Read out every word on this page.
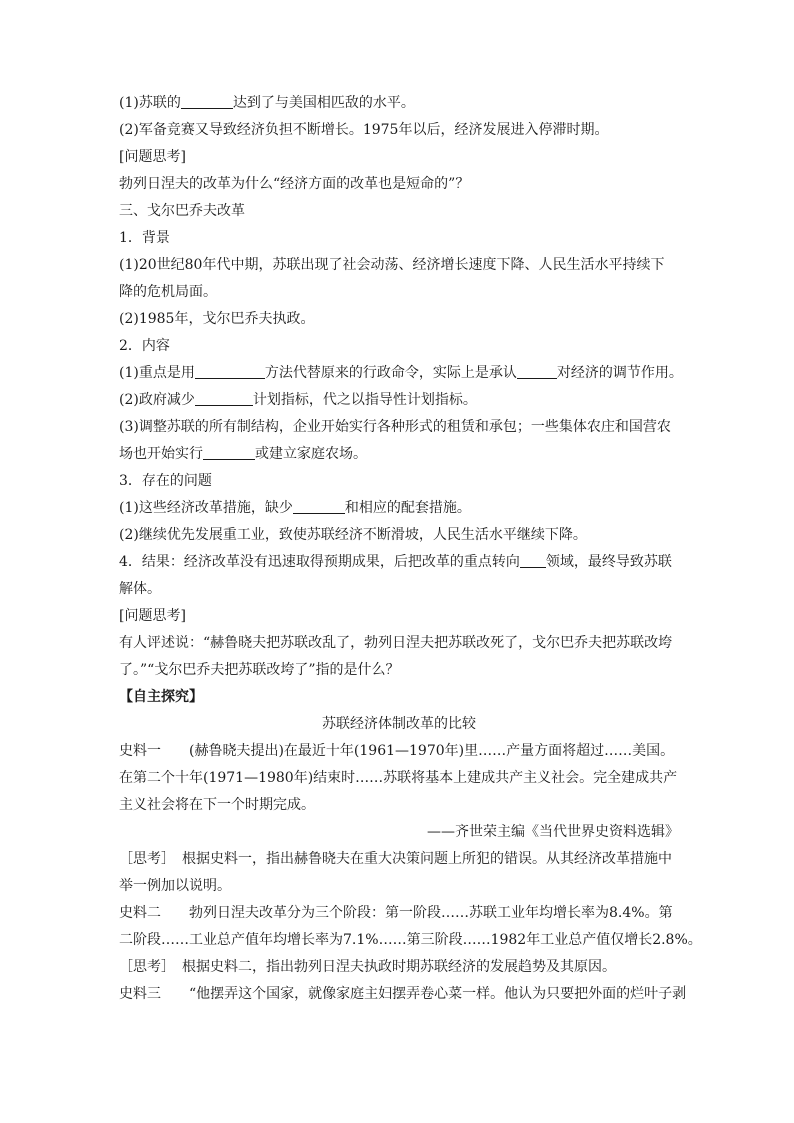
(1)苏联的	达到了与美国相匹敌的水平。
(2)军备竞赛又导致经济负担不断增长。1975年以后，经济发展进入停滞时期。
[问题思考]
勃列日涅夫的改革为什么“经济方面的改革也是短命的”？
三、戈尔巴乔夫改革
1．背景
(1)20世纪80年代中期，苏联出现了社会动荡、经济增长速度下降、人民生活水平持续下
降的危机局面。
(2)1985年，戈尔巴乔夫执政。
2．内容
(1)重点是用	方法代替原来的行政命令，实际上是承认	对经济的调节作用。
(2)政府减少	计划指标，代之以指导性计划指标。
(3)调整苏联的所有制结构，企业开始实行各种形式的租赁和承包；一些集体农庄和国营农
场也开始实行	或建立家庭农场。
3．存在的问题
(1)这些经济改革措施，缺少	和相应的配套措施。
(2)继续优先发展重工业，致使苏联经济不断滑坡，人民生活水平继续下降。
4．结果：经济改革没有迅速取得预期成果，后把改革的重点转向 领域，最终导致苏联
解体。
[问题思考]
有人评述说：“赫鲁晓夫把苏联改乱了，勃列日涅夫把苏联改死了，戈尔巴乔夫把苏联改垮
了。”“戈尔巴乔夫把苏联改垮了”指的是什么？
【自主探究】
苏联经济体制改革的比较
史料一　　(赫鲁晓夫提出)在最近十年(1961—1970年)里……产量方面将超过……美国。
在第二个十年(1971—1980年)结束时……苏联将基本上建成共产主义社会。完全建成共产
主义社会将在下一个时期完成。
——齐世荣主编《当代世界史资料选辑》
［思考］　根据史料一，指出赫鲁晓夫在重大决策问题上所犯的错误。从其经济改革措施中
举一例加以说明。
史料二　　勃列日涅夫改革分为三个阶段：第一阶段……苏联工业年均增长率为8.4%。第
二阶段……工业总产值年均增长率为7.1%……第三阶段……1982年工业总产值仅增长2.8%。
［思考］　根据史料二，指出勃列日涅夫执政时期苏联经济的发展趋势及其原因。
史料三　　“他摆弄这个国家，就像家庭主妇摆弄卷心菜一样。他认为只要把外面的烂叶子剥
